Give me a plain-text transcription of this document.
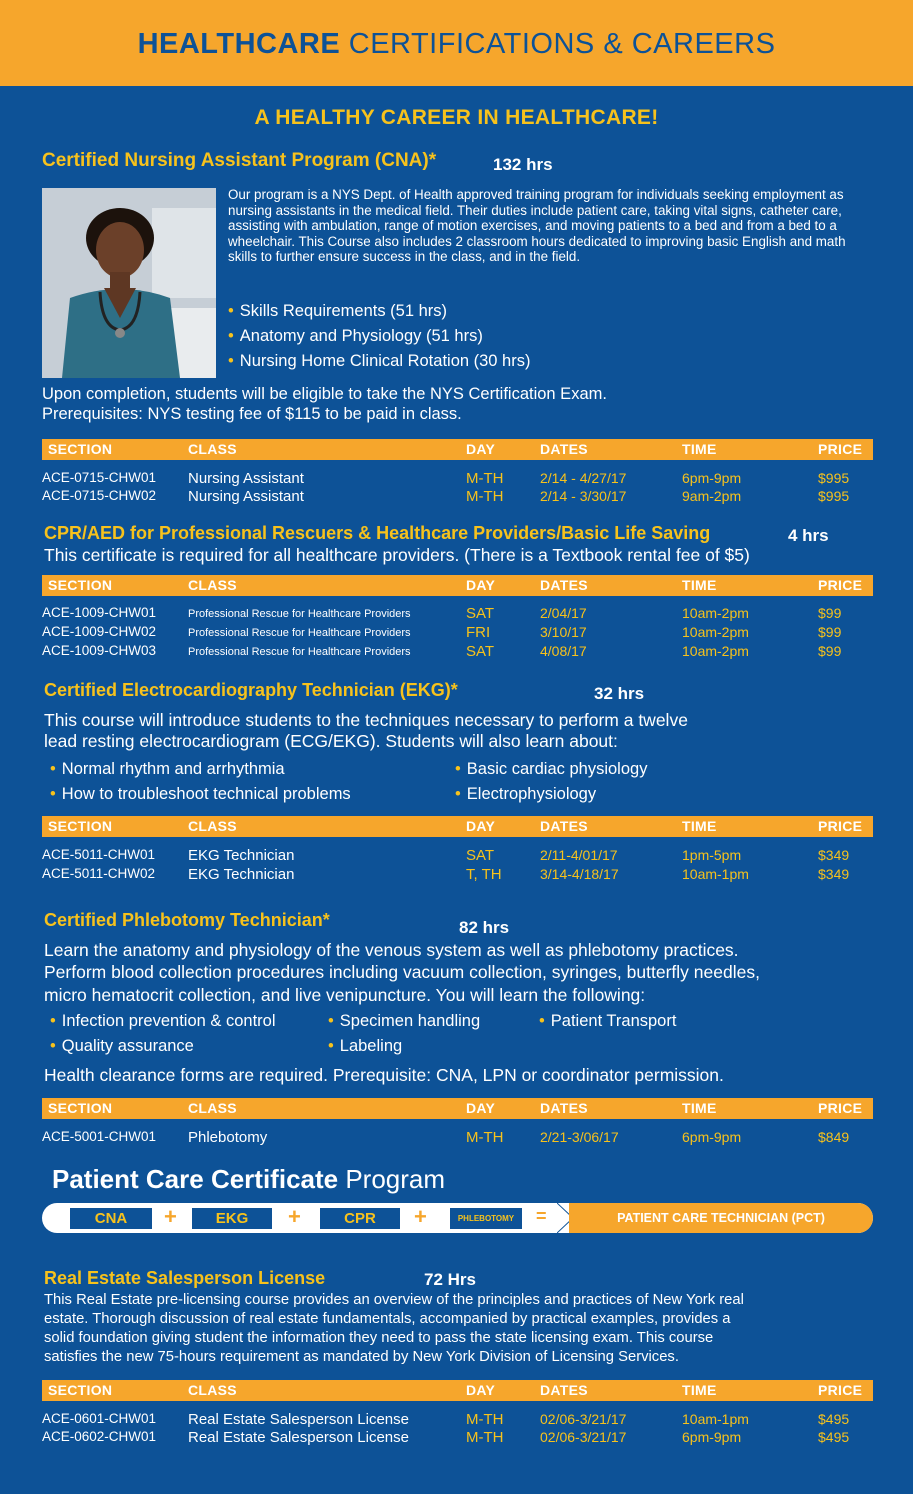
HEALTHCARE CERTIFICATIONS & CAREERS
A HEALTHY CAREER IN HEALTHCARE!
Certified Nursing Assistant Program (CNA)*	132 hrs
Our program is a NYS Dept. of Health approved training program for individuals seeking employment as nursing assistants in the medical field. Their duties include patient care, taking vital signs, catheter care, assisting with ambulation, range of motion exercises, and moving patients to a bed and from a bed to a wheelchair. This Course also includes 2 classroom hours dedicated to improving basic English and math skills to further ensure success in the class, and in the field.
• Skills Requirements (51 hrs)
• Anatomy and Physiology (51 hrs)
• Nursing Home Clinical Rotation (30 hrs)
Upon completion, students will be eligible to take the NYS Certification Exam.
Prerequisites: NYS testing fee of $115 to be paid in class.
SECTION	CLASS	DAY	DATES	TIME	PRICE
ACE-0715-CHW01 Nursing Assistant	M-TH	2/14 - 4/27/17	6pm-9pm	$995
ACE-0715-CHW02 Nursing Assistant	M-TH	2/14 - 3/30/17	9am-2pm	$995
CPR/AED for Professional Rescuers & Healthcare Providers/Basic Life Saving	4 hrs
This certificate is required for all healthcare providers. (There is a Textbook rental fee of $5)
SECTION	CLASS	DAY	DATES	TIME	PRICE
ACE-1009-CHW01	Professional Rescue for Healthcare Providers	SAT	2/04/17	10am-2pm	$99
ACE-1009-CHW02	Professional Rescue for Healthcare Providers	FRI	3/10/17	10am-2pm	$99
ACE-1009-CHW03	Professional Rescue for Healthcare Providers	SAT	4/08/17	10am-2pm	$99
Certified Electrocardiography Technician (EKG)*	32 hrs
This course will introduce students to the techniques necessary to perform a twelve
lead resting electrocardiogram (ECG/EKG). Students will also learn about:
• Normal rhythm and arrhythmia
• How to troubleshoot technical problems
• Basic cardiac physiology
• Electrophysiology
SECTION	CLASS	DAY	DATES	TIME	PRICE
ACE-5011-CHW01 EKG Technician	SAT	2/11-4/01/17	1pm-5pm	$349
ACE-5011-CHW02 EKG Technician	T, TH	3/14-4/18/17	10am-1pm	$349
Certified Phlebotomy Technician*	82 hrs
Learn the anatomy and physiology of the venous system as well as phlebotomy practices.
Perform blood collection procedures including vacuum collection, syringes, butterfly needles,
micro hematocrit collection, and live venipuncture. You will learn the following:
• Infection prevention & control
• Quality assurance
• Specimen handling
• Labeling
• Patient Transport
Health clearance forms are required. Prerequisite: CNA, LPN or coordinator permission.
SECTION	CLASS	DAY	DATES	TIME	PRICE
ACE-5001-CHW01 Phlebotomy	M-TH	2/21-3/06/17	6pm-9pm	$849
Patient Care Certificate Program
CNA	+	EKG	+	CPR	+	PHLEBOTOMY	=	PATIENT CARE TECHNICIAN (PCT)
Real Estate Salesperson License	72 Hrs
This Real Estate pre-licensing course provides an overview of the principles and practices of New York real
estate. Thorough discussion of real estate fundamentals, accompanied by practical examples, provides a
solid foundation giving student the information they need to pass the state licensing exam. This course
satisfies the new 75-hours requirement as mandated by New York Division of Licensing Services.
SECTION	CLASS	DAY	DATES	TIME	PRICE
ACE-0601-CHW01 Real Estate Salesperson License	M-TH	02/06-3/21/17	10am-1pm	$495
ACE-0602-CHW01 Real Estate Salesperson License	M-TH	02/06-3/21/17	6pm-9pm	$495
